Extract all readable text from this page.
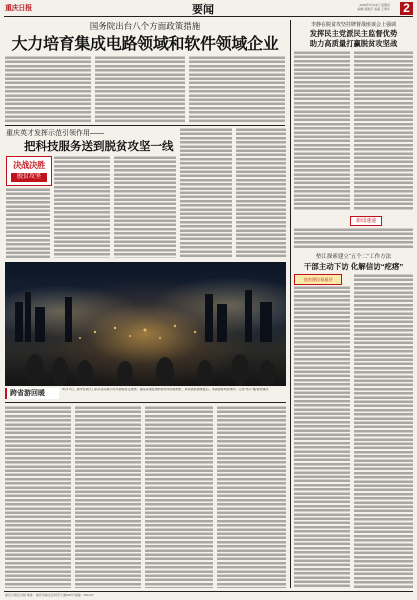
重庆日报	要闻	2018年9月13日 星期四
编辑 康振宇 美编 王建华 2
国务院出台八个方面政策措施
大力培育集成电路领域和软件领域企业
重庆英才发挥示范引领作用——
把科技服务送到脱贫攻坚一线
决战决胜
脱贫攻坚
跨省游回暖
9月12日，渝中区朝天门码头夜景吸引众多游客驻足观赏。随着各地疫情防控形势持续向好，跨省团队游恢复后，来渝游客明显增多。记者 郑宇 摄/视觉重庆
李静在脱贫攻坚挂牌督战座谈会上强调
发挥民主党派民主监督优势
助力高质量打赢脱贫攻坚战
新闻速递
垫江探索建立“五个二”工作方法
干部主动下访 化解信访“疙瘩”
党的建设看基层
重庆日报社出版 地址：重庆市渝北区同茂大道416号 邮编：401147
